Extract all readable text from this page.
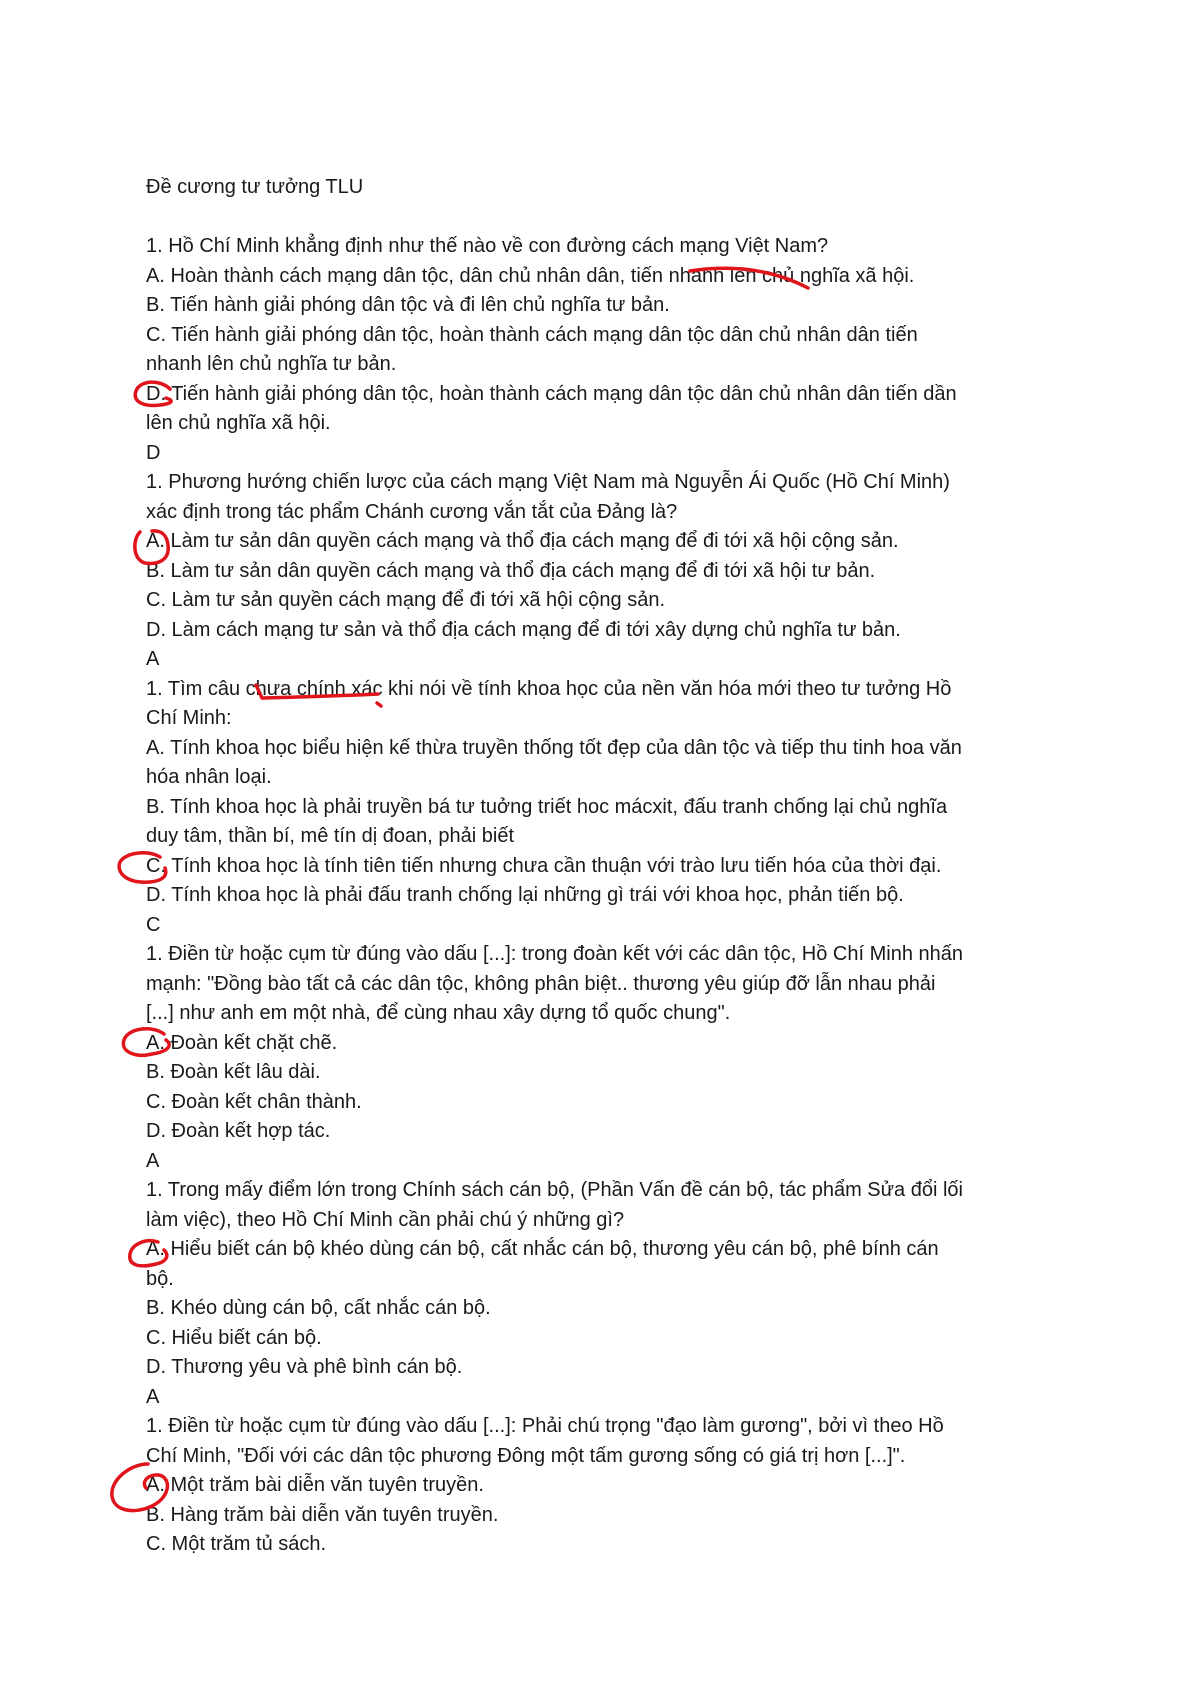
Đề cương tư tưởng TLU
1. Hồ Chí Minh khẳng định như thế nào về con đường cách mạng Việt Nam?
A. Hoàn thành cách mạng dân tộc, dân chủ nhân dân, tiến nhanh lên chủ nghĩa xã hội.
B. Tiến hành giải phóng dân tộc và đi lên chủ nghĩa tư bản.
C. Tiến hành giải phóng dân tộc, hoàn thành cách mạng dân tộc dân chủ nhân dân tiến
nhanh lên chủ nghĩa tư bản.
D. Tiến hành giải phóng dân tộc, hoàn thành cách mạng dân tộc dân chủ nhân dân tiến dần
lên chủ nghĩa xã hội.
D
1. Phương hướng chiến lược của cách mạng Việt Nam mà Nguyễn Ái Quốc (Hồ Chí Minh)
xác định trong tác phẩm Chánh cương vắn tắt của Đảng là?
A. Làm tư sản dân quyền cách mạng và thổ địa cách mạng để đi tới xã hội cộng sản.
B. Làm tư sản dân quyền cách mạng và thổ địa cách mạng để đi tới xã hội tư bản.
C. Làm tư sản quyền cách mạng để đi tới xã hội cộng sản.
D. Làm cách mạng tư sản và thổ địa cách mạng để đi tới xây dựng chủ nghĩa tư bản.
A
1. Tìm câu chưa chính xác khi nói về tính khoa học của nền văn hóa mới theo tư tưởng Hồ
Chí Minh:
A. Tính khoa học biểu hiện kế thừa truyền thống tốt đẹp của dân tộc và tiếp thu tinh hoa văn
hóa nhân loại.
B. Tính khoa học là phải truyền bá tư tuởng triết hoc mácxit, đấu tranh chống lại chủ nghĩa
duy tâm, thần bí, mê tín dị đoan, phải biết
C. Tính khoa học là tính tiên tiến nhưng chưa cần thuận với trào lưu tiến hóa của thời đại.
D. Tính khoa học là phải đấu tranh chống lại những gì trái với khoa học, phản tiến bộ.
C
1. Điền từ hoặc cụm từ đúng vào dấu [...]: trong đoàn kết với các dân tộc, Hồ Chí Minh nhấn
mạnh: "Đồng bào tất cả các dân tộc, không phân biệt.. thương yêu giúp đỡ lẫn nhau phải
[...] như anh em một nhà, để cùng nhau xây dựng tổ quốc chung".
A. Đoàn kết chặt chẽ.
B. Đoàn kết lâu dài.
C. Đoàn kết chân thành.
D. Đoàn kết hợp tác.
A
1. Trong mấy điểm lớn trong Chính sách cán bộ, (Phần Vấn đề cán bộ, tác phẩm Sửa đổi lối
làm việc), theo Hồ Chí Minh cần phải chú ý những gì?
A. Hiểu biết cán bộ khéo dùng cán bộ, cất nhắc cán bộ, thương yêu cán bộ, phê bính cán
bộ.
B. Khéo dùng cán bộ, cất nhắc cán bộ.
C. Hiểu biết cán bộ.
D. Thương yêu và phê bình cán bộ.
A
1. Điền từ hoặc cụm từ đúng vào dấu [...]: Phải chú trọng "đạo làm gương", bởi vì theo Hồ
Chí Minh, "Đối với các dân tộc phương Đông một tấm gương sống có giá trị hơn [...]".
A. Một trăm bài diễn văn tuyên truyền.
B. Hàng trăm bài diễn văn tuyên truyền.
C. Một trăm tủ sách.
